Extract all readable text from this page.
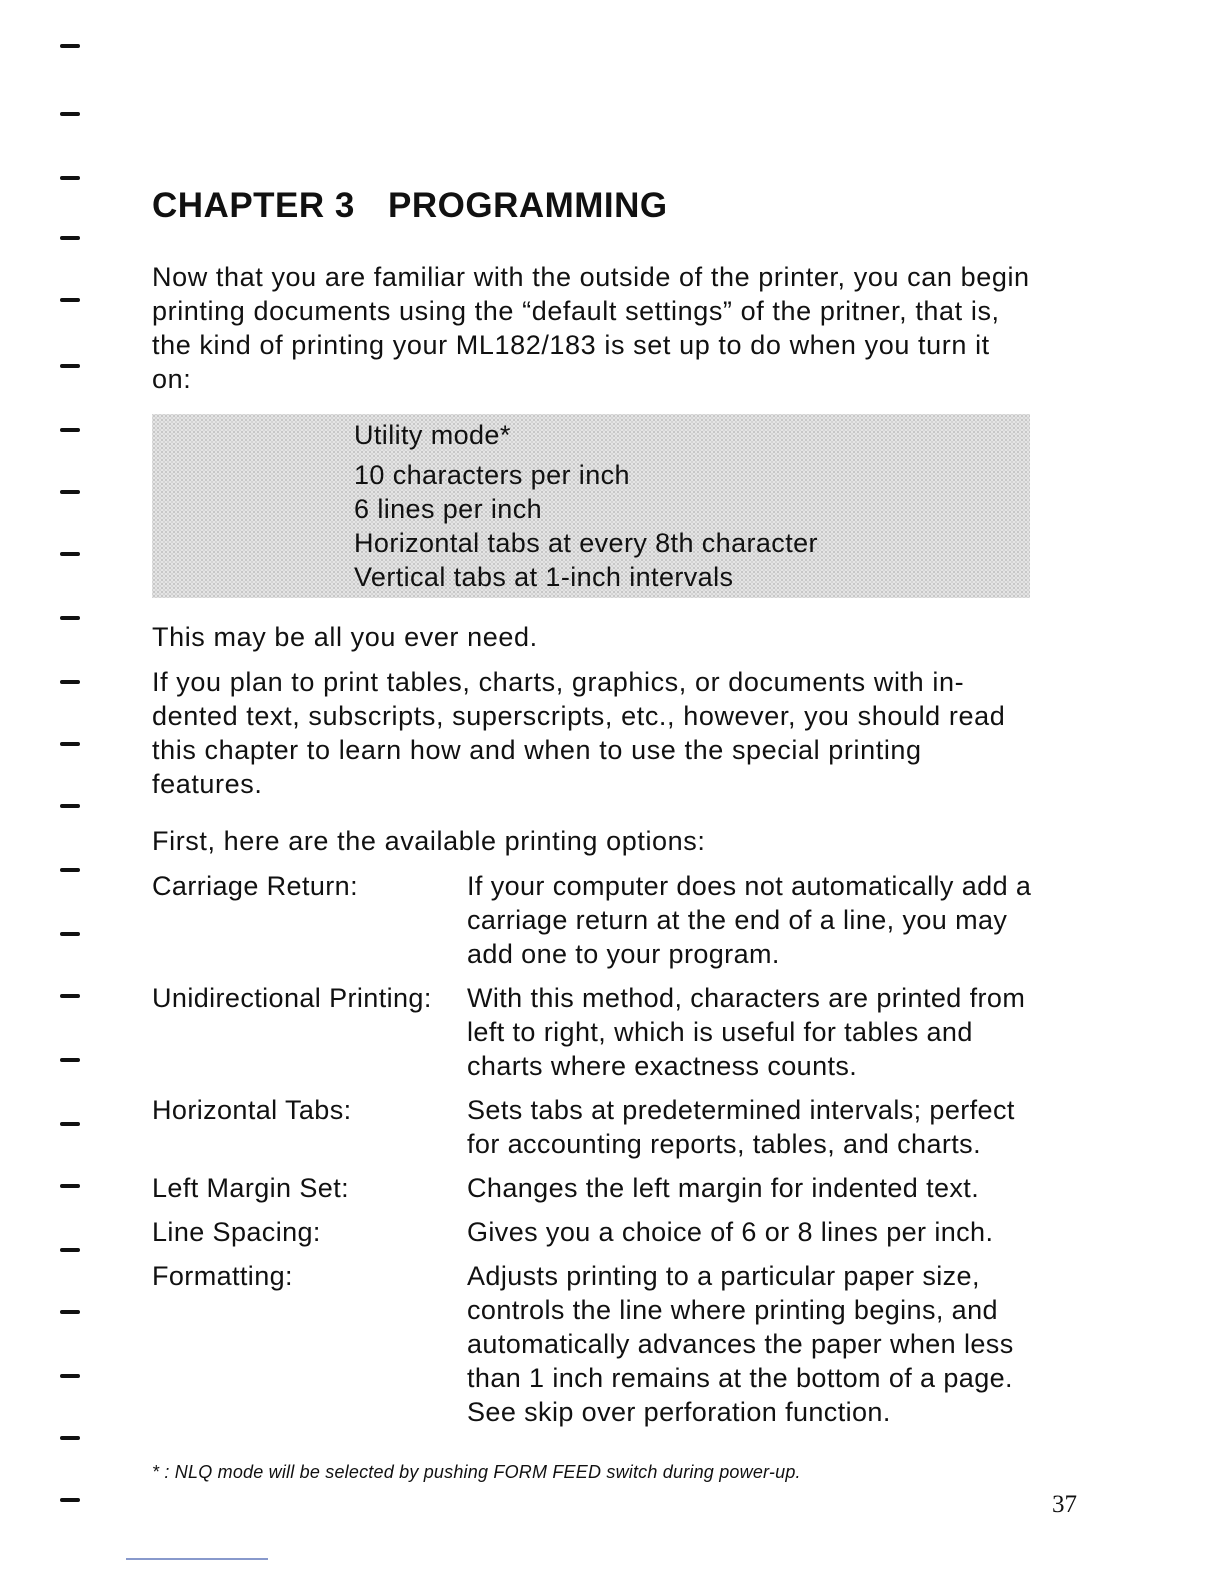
CHAPTER 3 PROGRAMMING

Now that you are familiar with the outside of the printer, you can begin printing documents using the “default settings” of the pritner, that is, the kind of printing your ML182/183 is set up to do when you turn it on:

Utility mode*
10 characters per inch
6 lines per inch
Horizontal tabs at every 8th character
Vertical tabs at 1-inch intervals

This may be all you ever need.

If you plan to print tables, charts, graphics, or documents with in-dented text, subscripts, superscripts, etc., however, you should read this chapter to learn how and when to use the special printing features.

First, here are the available printing options:

Carriage Return:	If your computer does not automatically add a carriage return at the end of a line, you may add one to your program.
Unidirectional Printing:	With this method, characters are printed from left to right, which is useful for tables and charts where exactness counts.
Horizontal Tabs:	Sets tabs at predetermined intervals; perfect for accounting reports, tables, and charts.
Left Margin Set:	Changes the left margin for indented text.
Line Spacing:	Gives you a choice of 6 or 8 lines per inch.
Formatting:	Adjusts printing to a particular paper size, controls the line where printing begins, and automatically advances the paper when less than 1 inch remains at the bottom of a page. See skip over perforation function.
* : NLQ mode will be selected by pushing FORM FEED switch during power-up.
37
